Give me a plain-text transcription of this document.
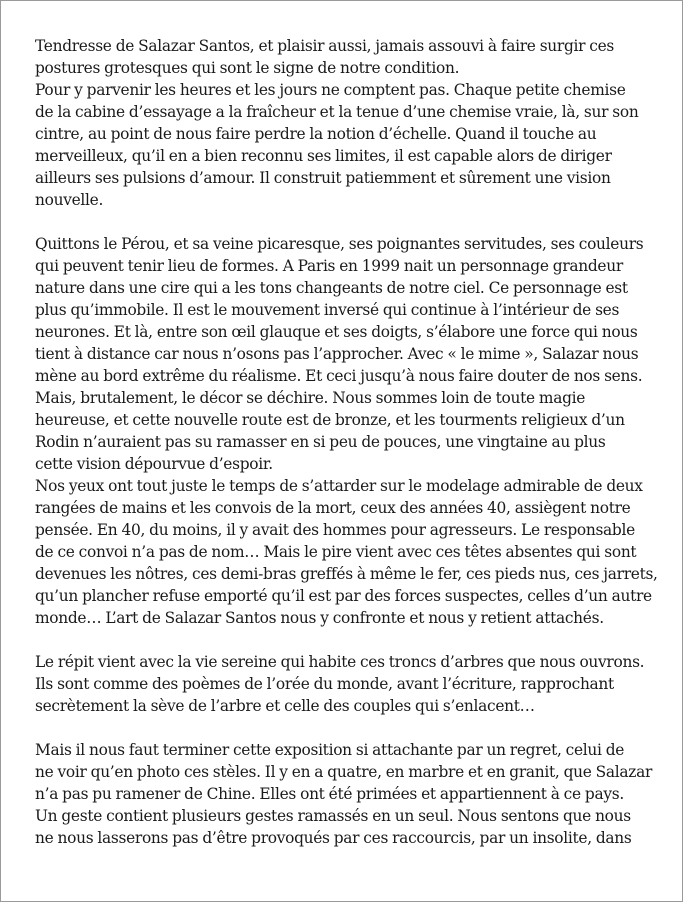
Tendresse de Salazar Santos, et plaisir aussi, jamais assouvi à faire surgir ces
postures grotesques qui sont le signe de notre condition.
Pour y parvenir les heures et les jours ne comptent pas. Chaque petite chemise
de la cabine d’essayage a la fraîcheur et la tenue d’une chemise vraie, là, sur son
cintre, au point de nous faire perdre la notion d’échelle. Quand il touche au
merveilleux, qu’il en a bien reconnu ses limites, il est capable alors de diriger
ailleurs ses pulsions d’amour. Il construit patiemment et sûrement une vision
nouvelle.
Quittons le Pérou, et sa veine picaresque, ses poignantes servitudes, ses couleurs
qui peuvent tenir lieu de formes. A Paris en 1999 nait un personnage grandeur
nature dans une cire qui a les tons changeants de notre ciel. Ce personnage est
plus qu’immobile. Il est le mouvement inversé qui continue à l’intérieur de ses
neurones. Et là, entre son œil glauque et ses doigts, s’élabore une force qui nous
tient à distance car nous n’osons pas l’approcher. Avec « le mime », Salazar nous
mène au bord extrême du réalisme. Et ceci jusqu’à nous faire douter de nos sens.
Mais, brutalement, le décor se déchire. Nous sommes loin de toute magie
heureuse, et cette nouvelle route est de bronze, et les tourments religieux d’un
Rodin n’auraient pas su ramasser en si peu de pouces, une vingtaine au plus
cette vision dépourvue d’espoir.
Nos yeux ont tout juste le temps de s’attarder sur le modelage admirable de deux
rangées de mains et les convois de la mort, ceux des années 40, assiègent notre
pensée. En 40, du moins, il y avait des hommes pour agresseurs. Le responsable
de ce convoi n’a pas de nom… Mais le pire vient avec ces têtes absentes qui sont
devenues les nôtres, ces demi-bras greffés à même le fer, ces pieds nus, ces jarrets,
qu’un plancher refuse emporté qu’il est par des forces suspectes, celles d’un autre
monde… L’art de Salazar Santos nous y confronte et nous y retient attachés.
Le répit vient avec la vie sereine qui habite ces troncs d’arbres que nous ouvrons.
Ils sont comme des poèmes de l’orée du monde, avant l’écriture, rapprochant
secrètement la sève de l’arbre et celle des couples qui s’enlacent…
Mais il nous faut terminer cette exposition si attachante par un regret, celui de
ne voir qu’en photo ces stèles. Il y en a quatre, en marbre et en granit, que Salazar
n’a pas pu ramener de Chine. Elles ont été primées et appartiennent à ce pays.
Un geste contient plusieurs gestes ramassés en un seul. Nous sentons que nous
ne nous lasserons pas d’être provoqués par ces raccourcis, par un insolite, dans
